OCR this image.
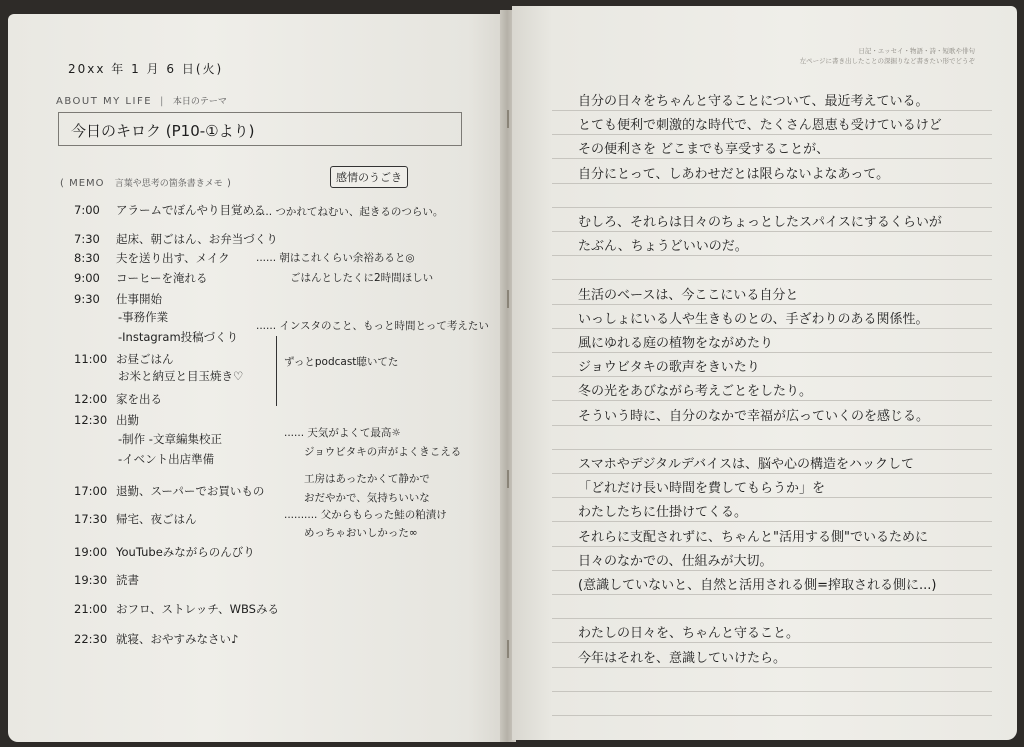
20xx 年 1 月 6 日(火)
ABOUT MY LIFE | 本日のテーマ
今日のキロク (P10-①より)
( MEMO 言葉や思考の箇条書きメモ )	感情のうごき
7:00 アラームでぼんやり目覚める
7:30 起床、朝ごはん、お弁当づくり
8:30 夫を送り出す、メイク
9:00 コーヒーを淹れる
9:30 仕事開始
-事務作業
-Instagram投稿づくり
11:00 お昼ごはん
お米と納豆と目玉焼き♡
12:00 家を出る
12:30 出勤
-制作 -文章編集校正
-イベント出店準備
17:00 退勤、スーパーでお買いもの
17:30 帰宅、夜ごはん
19:00 YouTubeみながらのんびり
19:30 読書
21:00 おフロ、ストレッチ、WBSみる
22:30 就寝、おやすみなさい♪
...... つかれてねむい、起きるのつらい。
...... 朝はこれくらい余裕あると◎
ごはんとしたくに2時間ほしい
...... インスタのこと、もっと時間とって考えたい
ずっとpodcast聴いてた
...... 天気がよくて最高☼
ジョウビタキの声がよくきこえる
工房はあったかくて静かで
おだやかで、気持ちいいな
.......... 父からもらった鮭の粕漬け
めっちゃおいしかった∞
日記・エッセイ・物語・詩・短歌や俳句
左ページに書き出したことの深掘りなど書きたい形でどうぞ
自分の日々をちゃんと守ることについて、最近考えている。
とても便利で刺激的な時代で、たくさん恩恵も受けているけど
その便利さを どこまでも享受することが、
自分にとって、しあわせだとは限らないよなあって。
むしろ、それらは日々のちょっとしたスパイスにするくらいが
たぶん、ちょうどいいのだ。
生活のベースは、今ここにいる自分と
いっしょにいる人や生きものとの、手ざわりのある関係性。
風にゆれる庭の植物をながめたり
ジョウビタキの歌声をきいたり
冬の光をあびながら考えごとをしたり。
そういう時に、自分のなかで幸福が広っていくのを感じる。
スマホやデジタルデバイスは、脳や心の構造をハックして
「どれだけ長い時間を費してもらうか」を
わたしたちに仕掛けてくる。
それらに支配されずに、ちゃんと"活用する側"でいるために
日々のなかでの、仕組みが大切。
(意識していないと、自然と活用される側=搾取される側に...)
わたしの日々を、ちゃんと守ること。
今年はそれを、意識していけたら。
